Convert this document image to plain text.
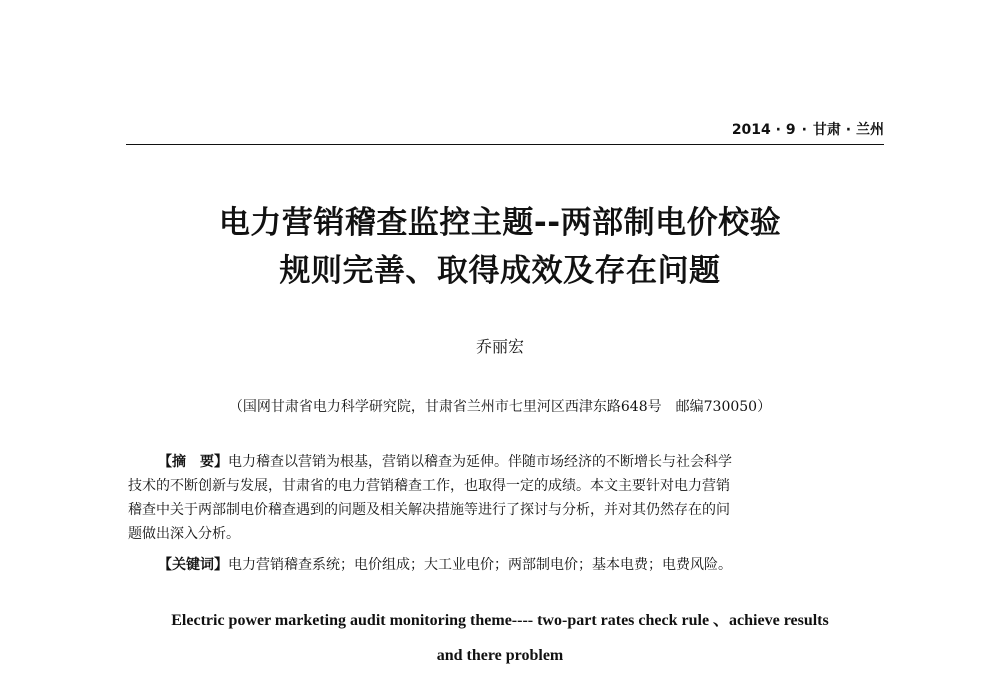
2014 · 9 · 甘肃 · 兰州
电力营销稽查监控主题--两部制电价校验
规则完善、取得成效及存在问题
乔丽宏
（国网甘肃省电力科学研究院，甘肃省兰州市七里河区西津东路648号　邮编730050）
【摘　要】电力稽查以营销为根基，营销以稽查为延伸。伴随市场经济的不断增长与社会科学
技术的不断创新与发展，甘肃省的电力营销稽查工作，也取得一定的成绩。本文主要针对电力营销
稽查中关于两部制电价稽查遇到的问题及相关解决措施等进行了探讨与分析，并对其仍然存在的问
题做出深入分析。
【关键词】电力营销稽查系统；电价组成；大工业电价；两部制电价；基本电费；电费风险。
Electric power marketing audit monitoring theme---- two-part rates check rule 、achieve results
and there problem
